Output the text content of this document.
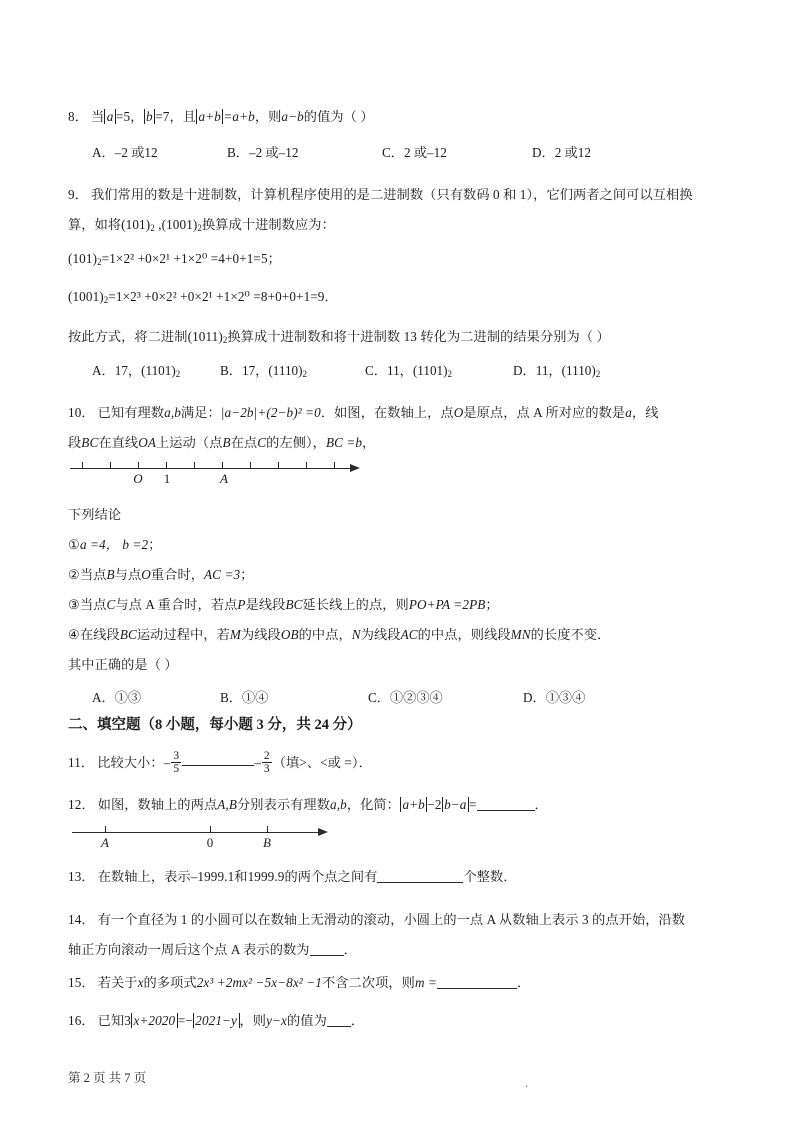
8． 当 a =5， b =7，且 a+b =a+b，则a−b的值为（ ）
A．–2 或12	B．–2 或–12	C．2 或–12	D．2 或12
9． 我们常用的数是十进制数，计算机程序使用的是二进制数（只有数码 0 和 1），它们两者之间可以互相换
算，如将$(101)_2$ $,(1001)_2$换算成十进制数应为：
$(101)_2=1\times 2^2 +0\times 2^1 +1\times 2^0 =4+0+1=5$；
$(1001)_2=1\times 2^3 +0\times 2^2 +0\times 2^1 +1\times 2^0 =8+0+0+1=9$．
按此方式，将二进制$(1011)_2$换算成十进制数和将十进制数 13 转化为二进制的结果分别为（ ）
A．17，$(1101)_2$	B．17，$(1110)_2$	C．11，$(1101)_2$	D．11，$(1110)_2$
10． 已知有理数a,b满足：|a−2b|+(2−b)² =0．如图，在数轴上，点O是原点，点 A 所对应的数是a，线
段BC在直线OA上运动（点B在点C的左侧），BC =b，
O 1	A
下列结论
①a =4， b =2；
②当点B与点O重合时，AC =3；
③当点C与点 A 重合时，若点P是线段BC延长线上的点，则PO+PA =2PB；
④在线段BC运动过程中，若M为线段OB的中点，N为线段AC的中点，则线段MN的长度不变．
其中正确的是（ ）
A．①③	B．①④	C．①②③④	D．①③④
二、填空题（8 小题，每小题 3 分，共 24 分）
11． 比较大小：– $\frac{3}{5}$	– $\frac{2}{3}$ （填>、<或 =）．
12． 如图，数轴上的两点A,B分别表示有理数a,b，化简： a+b −2 b−a =	．
A	0	B
13． 在数轴上，表示–1999.1和1999.9的两个点之间有	个整数．
14． 有一个直径为 1 的小圆可以在数轴上无滑动的滚动，小圆上的一点 A 从数轴上表示 3 的点开始，沿数
轴正方向滚动一周后这个点 A 表示的数为	．
15． 若关于x的多项式2x³ +2mx² −5x−8x² −1不含二次项，则m =	．
16． 已知3 x+2020 =− 2021−y ，则y−x的值为 ．
第 2 页 共 7 页	.
